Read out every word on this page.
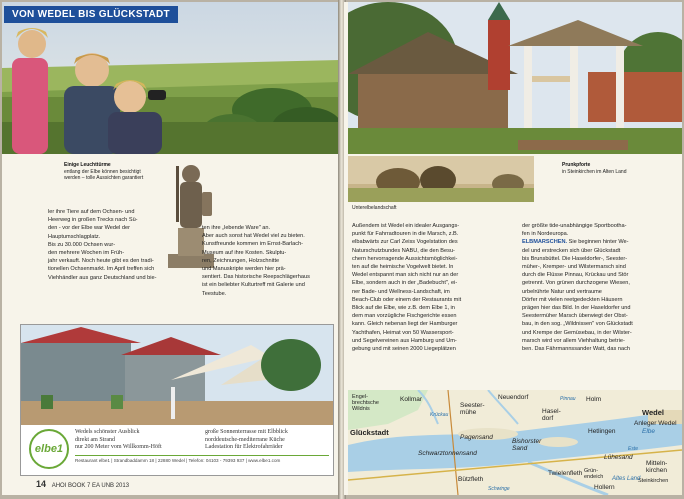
VON WEDEL BIS GLÜCKSTADT
Einige Leuchttürme
entlang der Elbe können besichtigt werden – tolle Aussichten garantiert

ler ihre Tiere auf dem Ochsen- und

Heerweg in großen Trecks nach Sü-

den - vor der Elbe war Wedel der

Hauptumschlagplatz.

Bis zu 30.000 Ochsen wur-

den mehrere Wochen im Früh-

jahr verkauft. Noch heute gibt es den tradi-

tionellen Ochsenmarkt. Im April treffen sich

Viehhändler aus ganz Deutschland und bie-

ten ihre „lebende Ware" an.

Aber auch sonst hat Wedel viel zu bieten.

Kunstfreunde kommen im Ernst-Barlach-

Museum auf ihre Kosten. Skulptu-

ren, Zeichnungen, Holzschnitte

und Manuskripte werden hier prä-

sentiert. Das historische Reepschlägerhaus

ist ein beliebter Kulturtreff mit Galerie und

Teestube.

elbe1
Wedels schönster Ausblick
direkt am Strand
nur 200 Meter vom Willkomm-Höft
große Sonnenterrasse mit Elbblick
norddeutsche-mediterrane Küche
Ladestation für Elektrofahrräder
Restaurant elbe1 | Strandbaddamm 18 | 22880 Wedel | Telefon: 04103 - 79393 937 | www.elbe1.com
14 AHOI BOOK 7 EA UNB 2013
Unterelbelandschaft
Prunkpforte
in Steinkirchen im Alten Land

Außendem ist Wedel ein idealer Ausgangs-

punkt für Fahrradtouren in die Marsch, z.B.

elbabwärts zur Carl Zeiss Vogelstation des

Naturschutzbundes NABU, die den Besu-

chern hervorragende Aussichtsmöglichkei-

ten auf die heimische Vogelwelt bietet. In

Wedel entspannt man sich nicht nur an der

Elbe, sondern auch in der „Badebucht", ei-

ner Bade- und Wellness-Landschaft, im

Beach-Club oder einem der Restaurants mit

Blick auf die Elbe, wie z.B. dem Elbe 1, in

dem man vorzügliche Fischgerichte essen

kann. Gleich nebenan liegt der Hamburger

Yachthafen, Heimat von 50 Wassersport-

und Segelvereinen aus Hamburg und Um-

gebung und mit seinen 2000 Liegeplätzen

der größte tide-unabhängige Sportbootha-

fen in Nordeuropa.

ELBMARSCHEN. Sie beginnen hinter We-

del und erstrecken sich über Glückstadt

bis Brunsbüttel. Die Haseldorfer-, Seester-

müher-, Kremper- und Wilstermarsch sind

durch die Flüsse Pinnau, Krückau und Stör

getrennt. Von grünen durchzogene Wiesen,

urbelrührte Natur und vertraume

Dörfer mit vielen reetgedeckten Häusern

prägen hier das Bild. In der Haseldorfer und

Seestermüher Marsch überwiegt der Obst-

bau, in den sog. „Wildnissen" von Glückstadt

und Krempe der Gemüsebau, in der Wilster-

marsch wird vor allem Viehhaltung betrie-

ben. Das Fährmannssander Watt, das nach

Engel-brechtsche Wildnis
Kollmar	Neuendorf
Seester-mühe	Hasel-dorf
Holm
Wedel
Glückstadt
Pagensand
Bishorster Sand
Hetlingen
Anleger Wedel
Elbe
Schwarztonnensand
Twielenfleth
Lühesand
Mitteln-kirchen
Hollern
Grün-endeich
Steinkirchen
Bützfleth
Schwinge
Este
Pinnau
Krückau
Altes Land
